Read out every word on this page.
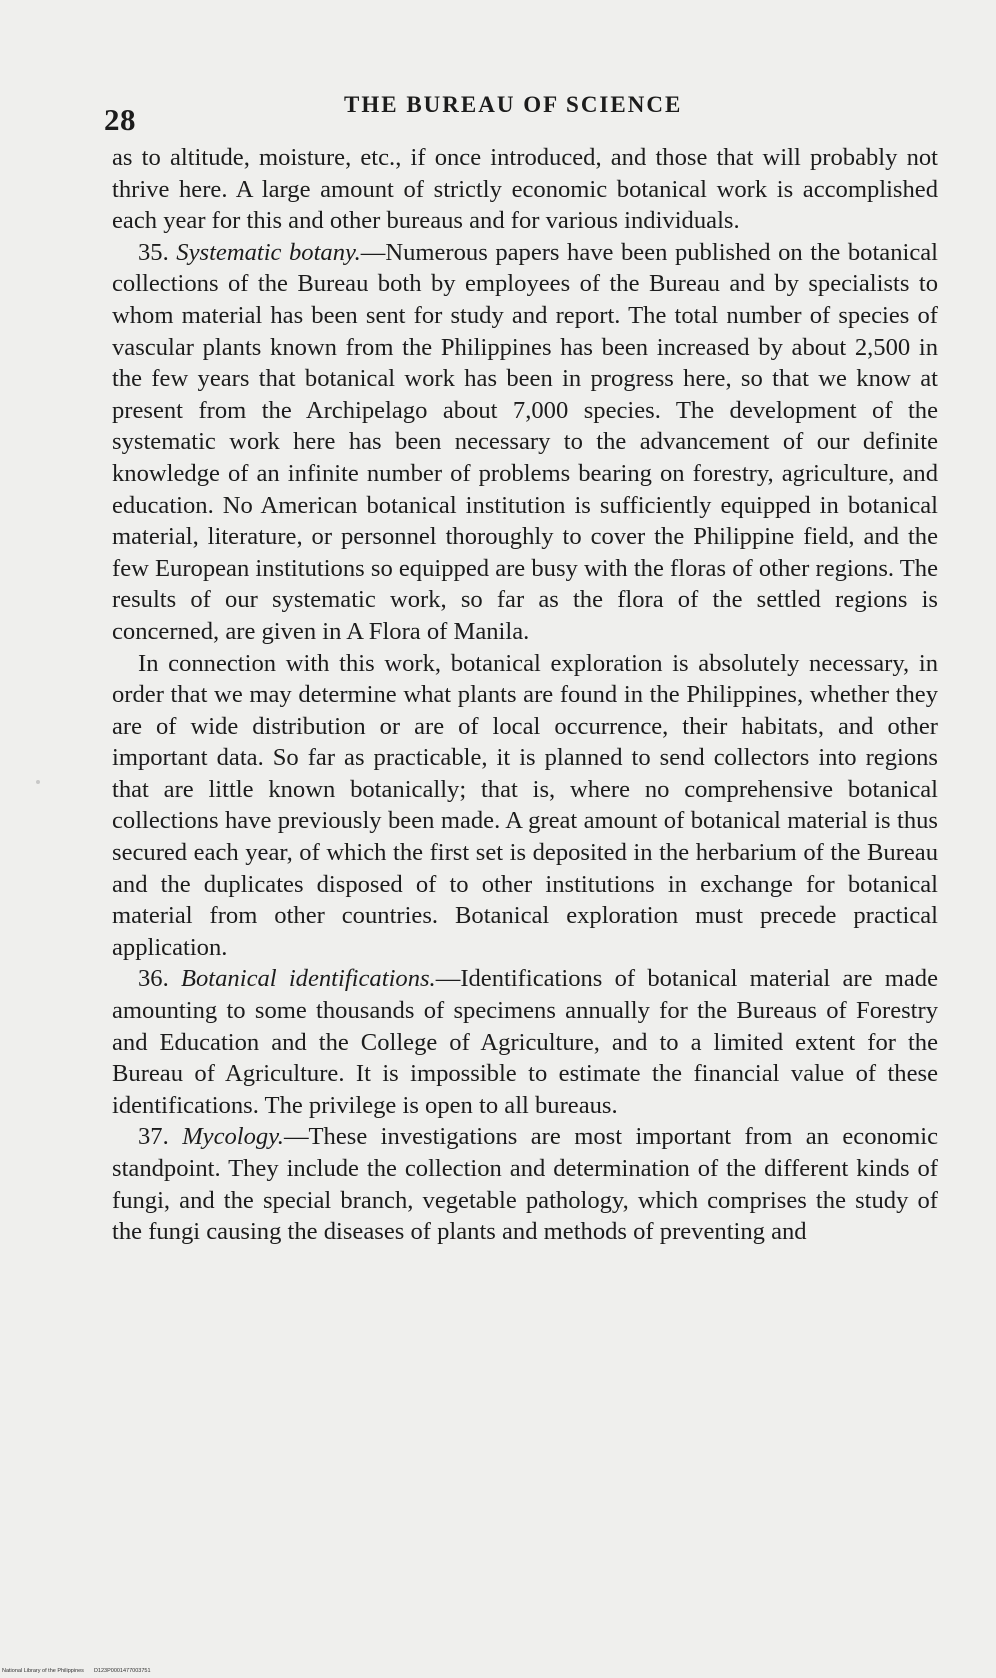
28	THE BUREAU OF SCIENCE

as to altitude, moisture, etc., if once introduced, and those that will probably not thrive here. A large amount of strictly economic botanical work is accomplished each year for this and other bureaus and for various individuals.

35. Systematic botany.—Numerous papers have been published on the botanical collections of the Bureau both by employees of the Bureau and by specialists to whom material has been sent for study and report. The total number of species of vascular plants known from the Philippines has been increased by about 2,500 in the few years that botanical work has been in progress here, so that we know at present from the Archipelago about 7,000 species. The development of the systematic work here has been necessary to the advancement of our definite knowledge of an infinite number of problems bearing on forestry, agriculture, and education. No American botanical institution is sufficiently equipped in botanical material, literature, or personnel thoroughly to cover the Philippine field, and the few European institutions so equipped are busy with the floras of other regions. The results of our systematic work, so far as the flora of the settled regions is concerned, are given in A Flora of Manila.

In connection with this work, botanical exploration is absolutely necessary, in order that we may determine what plants are found in the Philippines, whether they are of wide distribution or are of local occurrence, their habitats, and other important data. So far as practicable, it is planned to send collectors into regions that are little known botanically; that is, where no comprehensive botanical collections have previously been made. A great amount of botanical material is thus secured each year, of which the first set is deposited in the herbarium of the Bureau and the duplicates disposed of to other institutions in exchange for botanical material from other countries. Botanical exploration must precede practical application.

36. Botanical identifications.—Identifications of botanical material are made amounting to some thousands of specimens annually for the Bureaus of Forestry and Education and the College of Agriculture, and to a limited extent for the Bureau of Agriculture. It is impossible to estimate the financial value of these identifications. The privilege is open to all bureaus.

37. Mycology.—These investigations are most important from an economic standpoint. They include the collection and determination of the different kinds of fungi, and the special branch, vegetable pathology, which comprises the study of the fungi causing the diseases of plants and methods of preventing and

National Library of the Philippines D123P0001477003751
